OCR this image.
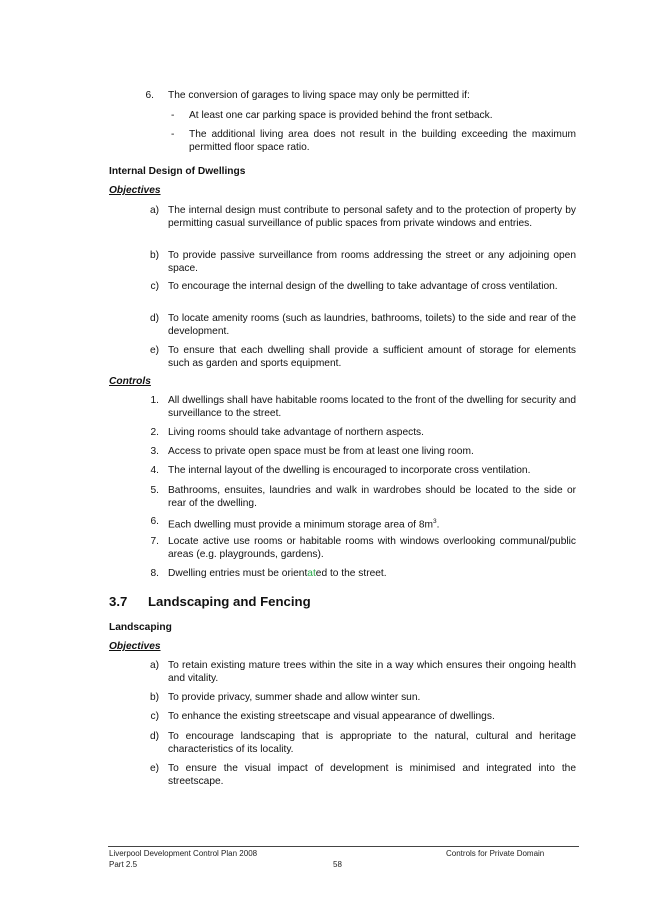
6. The conversion of garages to living space may only be permitted if:
- At least one car parking space is provided behind the front setback.
- The additional living area does not result in the building exceeding the maximum permitted floor space ratio.
Internal Design of Dwellings
Objectives
a) The internal design must contribute to personal safety and to the protection of property by permitting casual surveillance of public spaces from private windows and entries.
b) To provide passive surveillance from rooms addressing the street or any adjoining open space.
c) To encourage the internal design of the dwelling to take advantage of cross ventilation.
d) To locate amenity rooms (such as laundries, bathrooms, toilets) to the side and rear of the development.
e) To ensure that each dwelling shall provide a sufficient amount of storage for elements such as garden and sports equipment.
Controls
1. All dwellings shall have habitable rooms located to the front of the dwelling for security and surveillance to the street.
2. Living rooms should take advantage of northern aspects.
3. Access to private open space must be from at least one living room.
4. The internal layout of the dwelling is encouraged to incorporate cross ventilation.
5. Bathrooms, ensuites, laundries and walk in wardrobes should be located to the side or rear of the dwelling.
6. Each dwelling must provide a minimum storage area of $8m^3$.
7. Locate active use rooms or habitable rooms with windows overlooking communal/public areas (e.g. playgrounds, gardens).
8. Dwelling entries must be orientated to the street.
3.7 Landscaping and Fencing
Landscaping
Objectives
a) To retain existing mature trees within the site in a way which ensures their ongoing health and vitality.
b) To provide privacy, summer shade and allow winter sun.
c) To enhance the existing streetscape and visual appearance of dwellings.
d) To encourage landscaping that is appropriate to the natural, cultural and heritage characteristics of its locality.
e) To ensure the visual impact of development is minimised and integrated into the streetscape.
Liverpool Development Control Plan 2008
Part 2.5	58
Controls for Private Domain
